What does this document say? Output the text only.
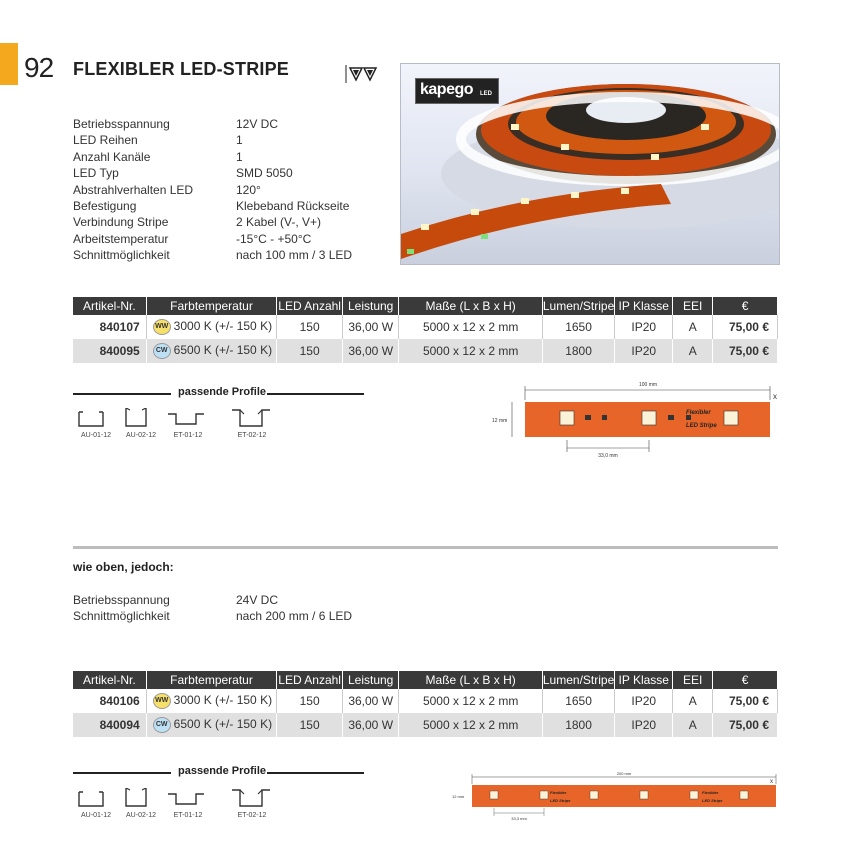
92 FLEXIBLER LED-STRIPE
kapego LED
Betriebsspannung	12V DC
LED Reihen	1
Anzahl Kanäle	1
LED Typ	SMD 5050
Abstrahlverhalten LED	120°
Befestigung	Klebeband Rückseite
Verbindung Stripe	2 Kabel (V-, V+)
Arbeitstemperatur	-15°C - +50°C
Schnittmöglichkeit	nach 100 mm / 3 LED
Artikel-Nr.	Farbtemperatur	LED Anzahl	Leistung	Maße (L x B x H)	Lumen/Stripe	IP Klasse	EEI	€
840107	WW 3000 K (+/- 150 K)	150	36,00 W	5000 x 12 x 2 mm	1650	IP20	A	75,00 €
840095	CW 6500 K (+/- 150 K)	150	36,00 W	5000 x 12 x 2 mm	1800	IP20	A	75,00 €
passende Profile
AU-01-12	AU-02-12	ET-01-12	ET-02-12
100 mm
x
12 mm
Flexibler
LED Stripe
33,0 mm
wie oben, jedoch:
Betriebsspannung	24V DC
Schnittmöglichkeit	nach 200 mm / 6 LED
Artikel-Nr.	Farbtemperatur	LED Anzahl	Leistung	Maße (L x B x H)	Lumen/Stripe	IP Klasse	EEI	€
840106	WW 3000 K (+/- 150 K)	150	36,00 W	5000 x 12 x 2 mm	1650	IP20	A	75,00 €
840094	CW 6500 K (+/- 150 K)	150	36,00 W	5000 x 12 x 2 mm	1800	IP20	A	75,00 €
passende Profile
AU-01-12	AU-02-12	ET-01-12	ET-02-12
200 mm
x
12 mm
Flexibler
LED Stripe
Flexibler
LED Stripe
33,3 mm
